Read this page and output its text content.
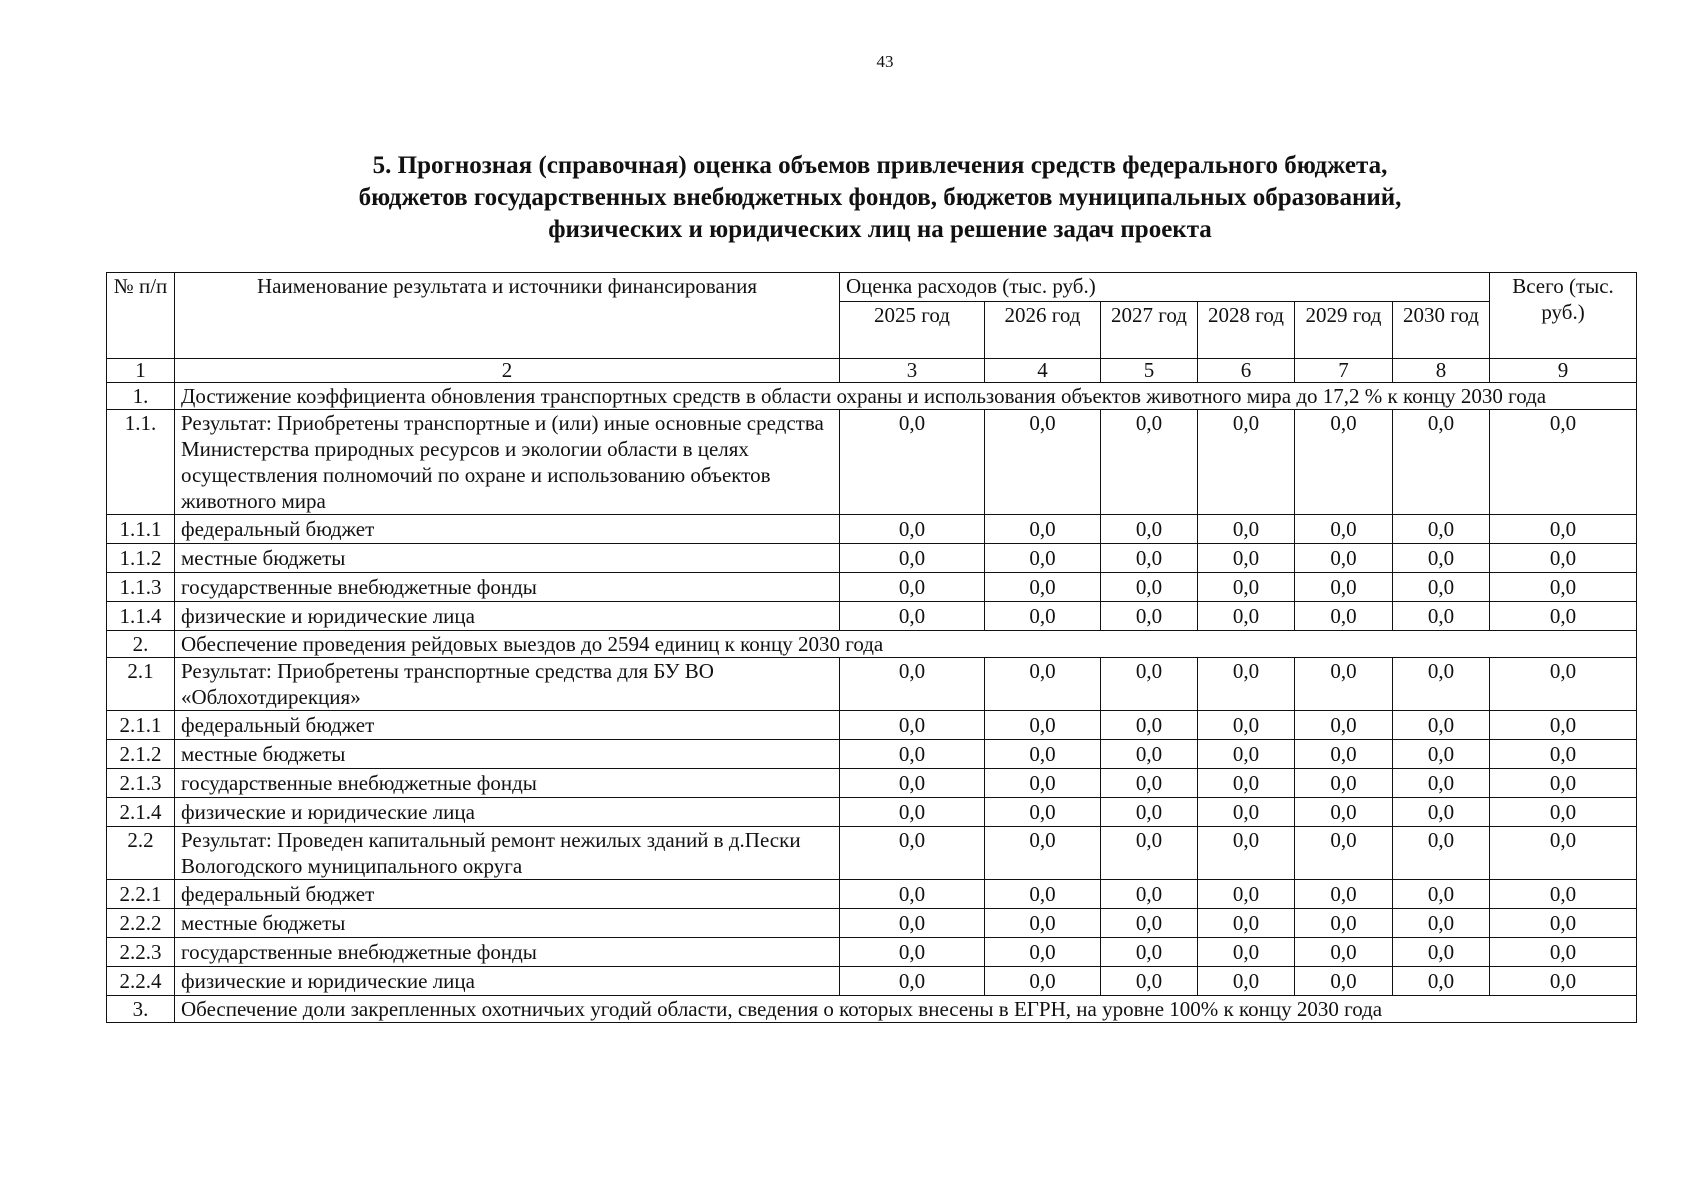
43
5. Прогнозная (справочная) оценка объемов привлечения средств федерального бюджета,
бюджетов государственных внебюджетных фондов, бюджетов муниципальных образований,
физических и юридических лиц на решение задач проекта
№ п/п	Наименование результата и источники финансирования	Оценка расходов (тыс. руб.)						Всего (тыс. руб.)
		2025 год	2026 год	2027 год	2028 год	2029 год	2030 год	
1	2	3	4	5	6	7	8	9
1.	Достижение коэффициента обновления транспортных средств в области охраны и использования объектов животного мира до 17,2 % к концу 2030 года							
1.1.	Результат: Приобретены транспортные и (или) иные основные средства Министерства природных ресурсов и экологии области в целях осуществления полномочий по охране и использованию объектов животного мира	0,0	0,0	0,0	0,0	0,0	0,0	0,0
1.1.1	федеральный бюджет	0,0	0,0	0,0	0,0	0,0	0,0	0,0
1.1.2	местные бюджеты	0,0	0,0	0,0	0,0	0,0	0,0	0,0
1.1.3	государственные внебюджетные фонды	0,0	0,0	0,0	0,0	0,0	0,0	0,0
1.1.4	физические и юридические лица	0,0	0,0	0,0	0,0	0,0	0,0	0,0
2.	Обеспечение проведения рейдовых выездов до 2594 единиц к концу 2030 года							
2.1	Результат: Приобретены транспортные средства для БУ ВО «Облохотдирекция»	0,0	0,0	0,0	0,0	0,0	0,0	0,0
2.1.1	федеральный бюджет	0,0	0,0	0,0	0,0	0,0	0,0	0,0
2.1.2	местные бюджеты	0,0	0,0	0,0	0,0	0,0	0,0	0,0
2.1.3	государственные внебюджетные фонды	0,0	0,0	0,0	0,0	0,0	0,0	0,0
2.1.4	физические и юридические лица	0,0	0,0	0,0	0,0	0,0	0,0	0,0
2.2	Результат: Проведен капитальный ремонт нежилых зданий в д.Пески Вологодского муниципального округа	0,0	0,0	0,0	0,0	0,0	0,0	0,0
2.2.1	федеральный бюджет	0,0	0,0	0,0	0,0	0,0	0,0	0,0
2.2.2	местные бюджеты	0,0	0,0	0,0	0,0	0,0	0,0	0,0
2.2.3	государственные внебюджетные фонды	0,0	0,0	0,0	0,0	0,0	0,0	0,0
2.2.4	физические и юридические лица	0,0	0,0	0,0	0,0	0,0	0,0	0,0
3.	Обеспечение доли закрепленных охотничьих угодий области, сведения о которых внесены в ЕГРН, на уровне 100% к концу 2030 года							
